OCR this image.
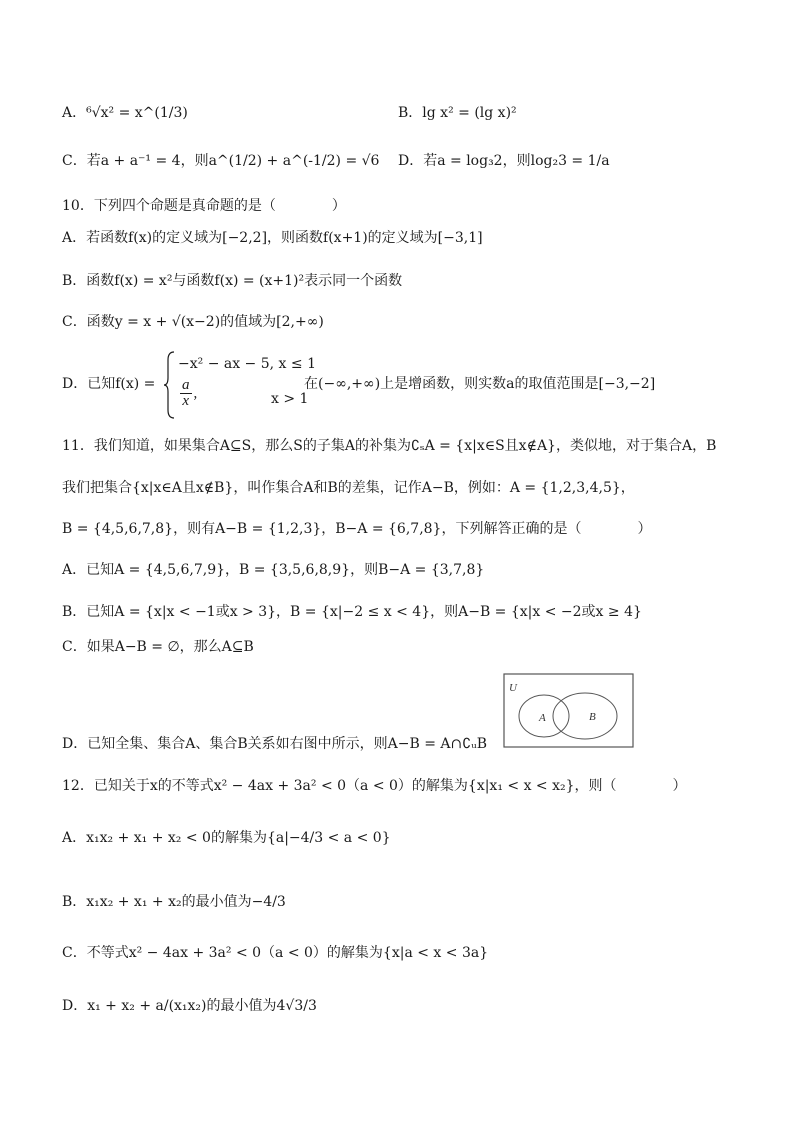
A．⁶√x² = x^(1/3)	B．lg x² = (lg x)²
C．若a + a⁻¹ = 4，则a^(1/2) + a^(-1/2) = √6 D．若a = log₃2，则log₂3 = 1/a
10．下列四个命题是真命题的是（　　　　）
A．若函数f(x)的定义域为[−2,2]，则函数f(x+1)的定义域为[−3,1]
B．函数f(x) = x²与函数f(x) = (x+1)²表示同一个函数
C．函数y = x + √(x−2)的值域为[2,+∞)
D．已知f(x) =
−x² − ax − 5, x ≤ 1
$\frac{a}{x}$ ,	x > 1
在(−∞,+∞)上是增函数，则实数a的取值范围是[−3,−2]
11．我们知道，如果集合A⊆S，那么S的子集A的补集为∁ₛA = {x|x∈S且x∉A}，类似地，对于集合A，B
我们把集合{x|x∈A且x∉B}，叫作集合A和B的差集，记作A−B，例如：A = {1,2,3,4,5}，
B = {4,5,6,7,8}，则有A−B = {1,2,3}，B−A = {6,7,8}，下列解答正确的是（　　　　）
A．已知A = {4,5,6,7,9}，B = {3,5,6,8,9}，则B−A = {3,7,8}
B．已知A = {x|x < −1或x > 3}，B = {x|−2 ≤ x < 4}，则A−B = {x|x < −2或x ≥ 4}
C．如果A−B = ∅，那么A⊆B
U
A	B
D．已知全集、集合A、集合B关系如右图中所示，则A−B = A∩∁ᵤB
12．已知关于x的不等式x² − 4ax + 3a² < 0（a < 0）的解集为{x|x₁ < x < x₂}，则（　　　　）
A．x₁x₂ + x₁ + x₂ < 0的解集为{a|−4/3 < a < 0}
B．x₁x₂ + x₁ + x₂的最小值为−4/3
C．不等式x² − 4ax + 3a² < 0（a < 0）的解集为{x|a < x < 3a}
D．x₁ + x₂ + a/(x₁x₂)的最小值为4√3/3
